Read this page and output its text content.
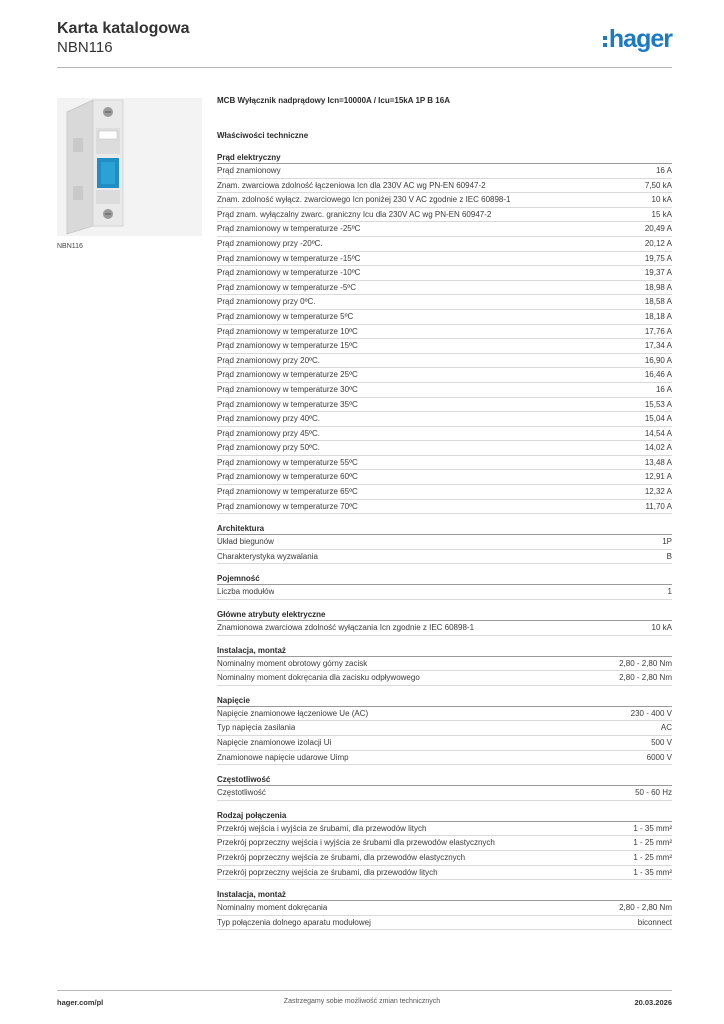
Karta katalogowa
NBN116	hager
NBN116
MCB Wyłącznik nadprądowy Icn=10000A / Icu=15kA 1P B 16A
Właściwości techniczne
Prąd elektryczny
Prąd znamionowy	16 A
Znam. zwarciowa zdolność łączeniowa Icn dla 230V AC wg PN-EN 60947-2	7,50 kA
Znam. zdolność wyłącz. zwarciowego Icn poniżej 230 V AC zgodnie z IEC 60898-1	10 kA
Prąd znam. wyłączalny zwarc. graniczny Icu dla 230V AC wg PN-EN 60947-2	15 kA
Prąd znamionowy w temperaturze -25ºC	20,49 A
Prąd znamionowy przy -20ºC.	20,12 A
Prąd znamionowy w temperaturze -15ºC	19,75 A
Prąd znamionowy w temperaturze -10ºC	19,37 A
Prąd znamionowy w temperaturze -5ºC	18,98 A
Prąd znamionowy przy 0ºC.	18,58 A
Prąd znamionowy w temperaturze 5ºC	18,18 A
Prąd znamionowy w temperaturze 10ºC	17,76 A
Prąd znamionowy w temperaturze 15ºC	17,34 A
Prąd znamionowy przy 20ºC.	16,90 A
Prąd znamionowy w temperaturze 25ºC	16,46 A
Prąd znamionowy w temperaturze 30ºC	16 A
Prąd znamionowy w temperaturze 35ºC	15,53 A
Prąd znamionowy przy 40ºC.	15,04 A
Prąd znamionowy przy 45ºC.	14,54 A
Prąd znamionowy przy 50ºC.	14,02 A
Prąd znamionowy w temperaturze 55ºC	13,48 A
Prąd znamionowy w temperaturze 60ºC	12,91 A
Prąd znamionowy w temperaturze 65ºC	12,32 A
Prąd znamionowy w temperaturze 70ºC	11,70 A
Architektura
Układ biegunów	1P
Charakterystyka wyzwalania	B
Pojemność
Liczba modułów	1
Główne atrybuty elektryczne
Znamionowa zwarciowa zdolność wyłączania Icn zgodnie z IEC 60898-1	10 kA
Instalacja, montaż
Nominalny moment obrotowy górny zacisk	2,80 - 2,80 Nm
Nominalny moment dokręcania dla zacisku odpływowego	2,80 - 2,80 Nm
Napięcie
Napięcie znamionowe łączeniowe Ue (AC)	230 - 400 V
Typ napięcia zasilania	AC
Napięcie znamionowe izolacji Ui	500 V
Znamionowe napięcie udarowe Uimp	6000 V
Częstotliwość
Częstotliwość	50 - 60 Hz
Rodzaj połączenia
Przekrój wejścia i wyjścia ze śrubami, dla przewodów litych	1 - 35 mm²
Przekrój poprzeczny wejścia i wyjścia ze śrubami dla przewodów elastycznych	1 - 25 mm²
Przekrój poprzeczny wejścia ze śrubami, dla przewodów elastycznych	1 - 25 mm²
Przekrój poprzeczny wejścia ze śrubami, dla przewodów litych	1 - 35 mm²
Instalacja, montaż
Nominalny moment dokręcania	2,80 - 2,80 Nm
Typ połączenia dolnego aparatu modułowej	biconnect
hager.com/pl	Zastrzegamy sobie możliwość zmian technicznych	20.03.2026
